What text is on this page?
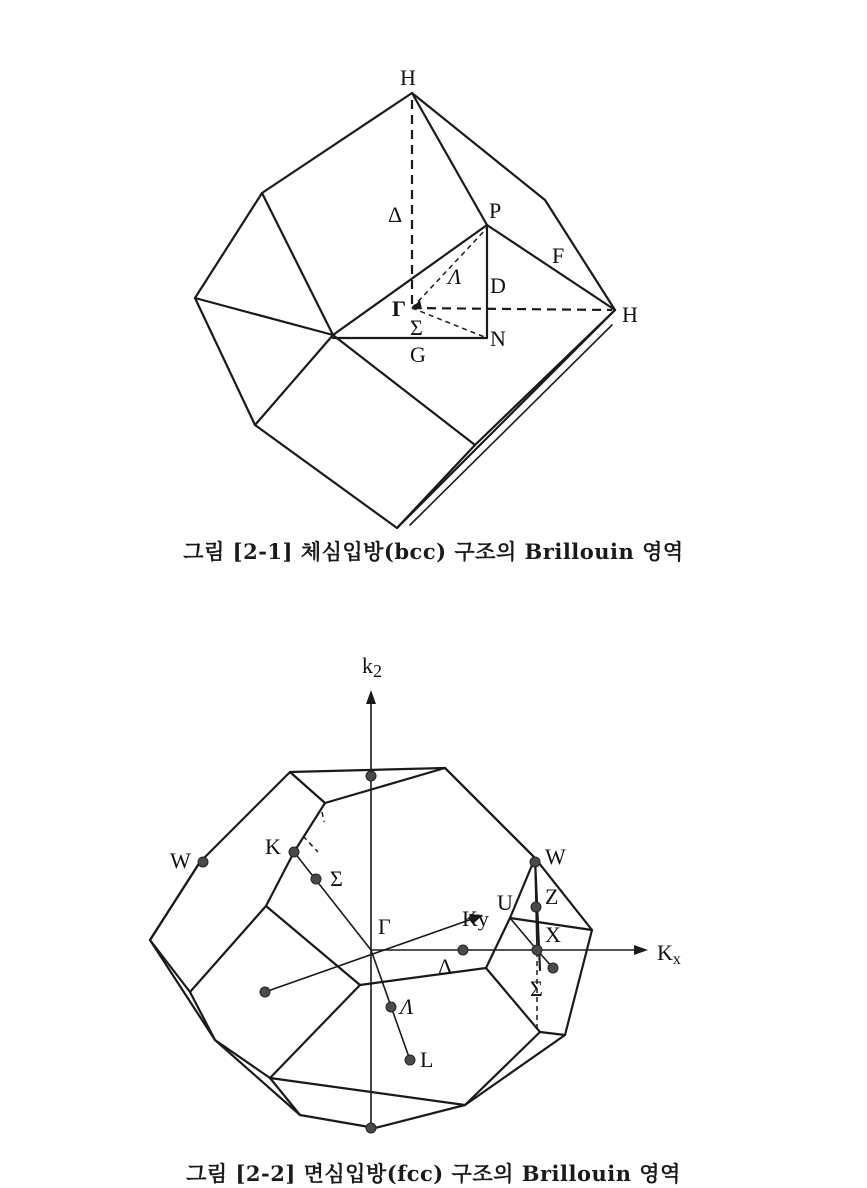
H
H
P
F
D
N
G
Γ
Δ
Λ
Σ
그림 [2-1] 체심입방(bcc) 구조의 Brillouin 영역
k2
Kx
Ky
W	W
K
Σ
Γ
U Z
X
Δ
Σ
Λ
L
그림 [2-2] 면심입방(fcc) 구조의 Brillouin 영역
